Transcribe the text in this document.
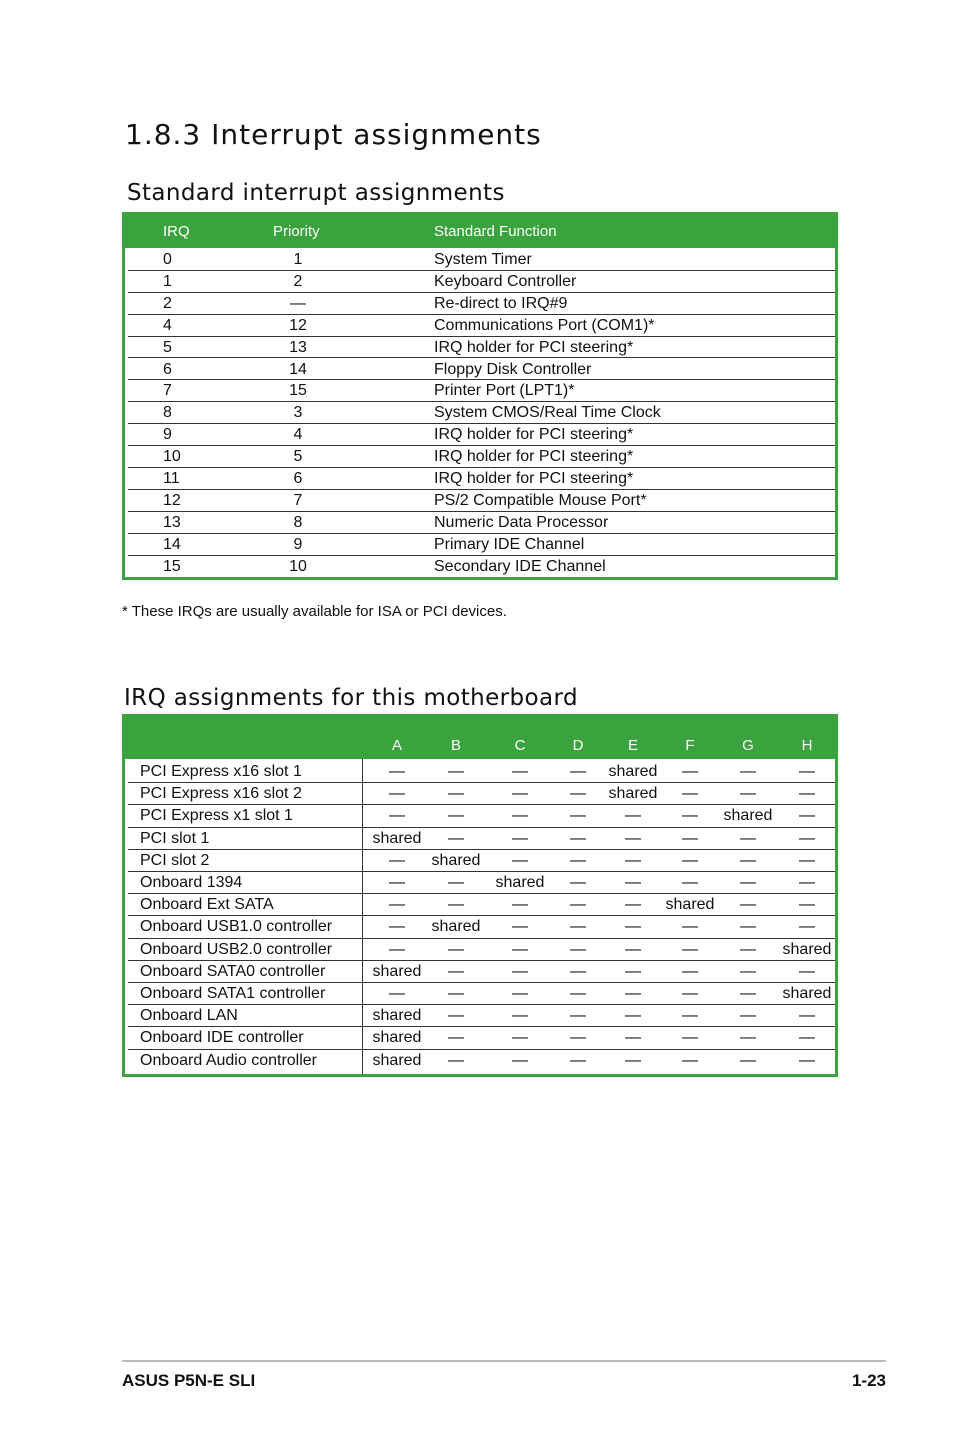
1.8.3 Interrupt assignments
Standard interrupt assignments
IRQ	Priority	Standard Function
0	1	System Timer
1	2	Keyboard Controller
2	—	Re-direct to IRQ#9
4	12	Communications Port (COM1)*
5	13	IRQ holder for PCI steering*
6	14	Floppy Disk Controller
7	15	Printer Port (LPT1)*
8	3	System CMOS/Real Time Clock
9	4	IRQ holder for PCI steering*
10	5	IRQ holder for PCI steering*
11	6	IRQ holder for PCI steering*
12	7	PS/2 Compatible Mouse Port*
13	8	Numeric Data Processor
14	9	Primary IDE Channel
15	10	Secondary IDE Channel
* These IRQs are usually available for ISA or PCI devices.
IRQ assignments for this motherboard
A	B	C	D	E	F	G	H
PCI Express x16 slot 1	—	—	—	—	shared	—	—	—
PCI Express x16 slot 2	—	—	—	—	shared	—	—	—
PCI Express x1 slot 1	—	—	—	—	—	—	shared	—
PCI slot 1	shared	—	—	—	—	—	—	—
PCI slot 2	—	shared	—	—	—	—	—	—
Onboard 1394	—	—	shared	—	—	—	—	—
Onboard Ext SATA	—	—	—	—	—	shared	—	—
Onboard USB1.0 controller	—	shared	—	—	—	—	—	—
Onboard USB2.0 controller	—	—	—	—	—	—	—	shared
Onboard SATA0 controller	shared	—	—	—	—	—	—	—
Onboard SATA1 controller	—	—	—	—	—	—	—	shared
Onboard LAN	shared	—	—	—	—	—	—	—
Onboard IDE controller	shared	—	—	—	—	—	—	—
Onboard Audio controller	shared	—	—	—	—	—	—	—
ASUS P5N-E SLI	1-23
